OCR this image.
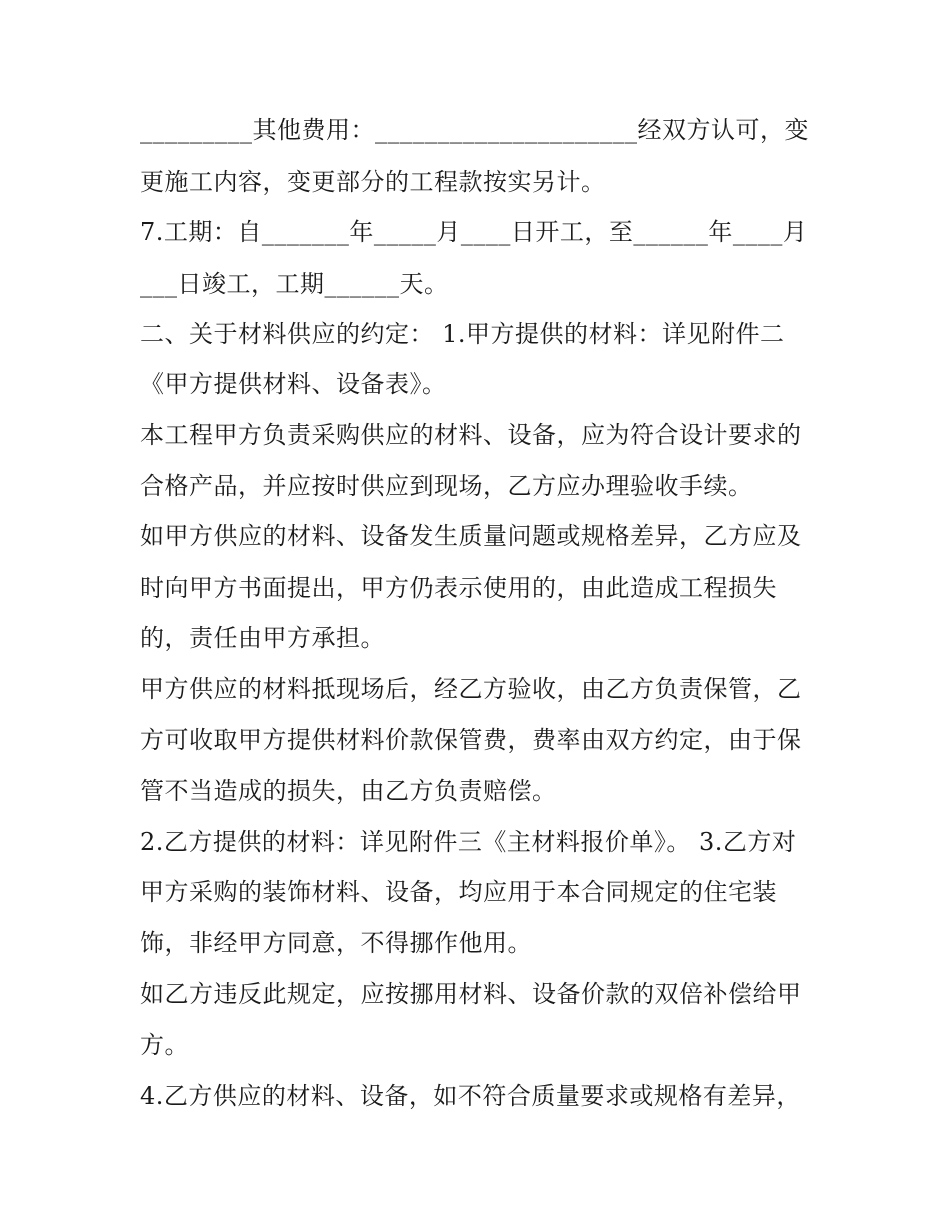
_________其他费用：_____________________经双方认可，变
更施工内容，变更部分的工程款按实另计。
7.工期：自_______年_____月____日开工，至______年____月
___日竣工，工期______天。
二、关于材料供应的约定： 1.甲方提供的材料：详见附件二
《甲方提供材料、设备表》。
本工程甲方负责采购供应的材料、设备，应为符合设计要求的
合格产品，并应按时供应到现场，乙方应办理验收手续。
如甲方供应的材料、设备发生质量问题或规格差异，乙方应及
时向甲方书面提出，甲方仍表示使用的，由此造成工程损失
的，责任由甲方承担。
甲方供应的材料抵现场后，经乙方验收，由乙方负责保管，乙
方可收取甲方提供材料价款保管费，费率由双方约定，由于保
管不当造成的损失，由乙方负责赔偿。
2.乙方提供的材料：详见附件三《主材料报价单》。 3.乙方对
甲方采购的装饰材料、设备，均应用于本合同规定的住宅装
饰，非经甲方同意，不得挪作他用。
如乙方违反此规定，应按挪用材料、设备价款的双倍补偿给甲
方。
4.乙方供应的材料、设备，如不符合质量要求或规格有差异，
